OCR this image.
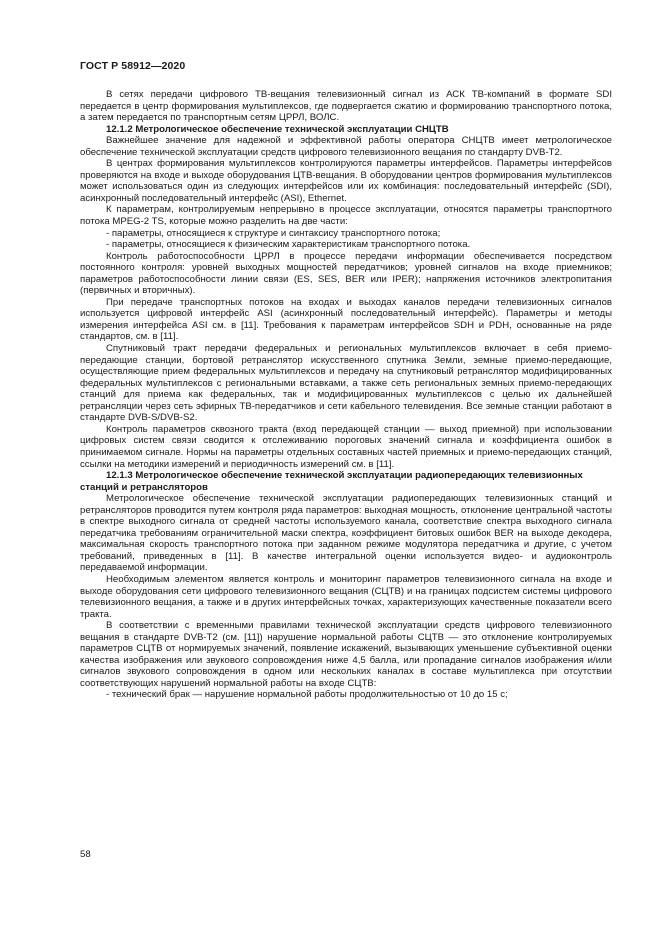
ГОСТ Р 58912—2020

В сетях передачи цифрового ТВ-вещания телевизионный сигнал из АСК ТВ-компаний в формате SDI передается в центр формирования мультиплексов, где подвергается сжатию и формированию транспортного потока, а затем передается по транспортным сетям ЦРРЛ, ВОЛС.

12.1.2 Метрологическое обеспечение технической эксплуатации СНЦТВ

Важнейшее значение для надежной и эффективной работы оператора СНЦТВ имеет метрологическое обеспечение технической эксплуатации средств цифрового телевизионного вещания по стандарту DVB-T2.

В центрах формирования мультиплексов контролируются параметры интерфейсов. Параметры интерфейсов проверяются на входе и выходе оборудования ЦТВ-вещания. В оборудовании центров формирования мультиплексов может использоваться один из следующих интерфейсов или их комбинация: последовательный интерфейс (SDI), асинхронный последовательный интерфейс (ASI), Ethernet.

К параметрам, контролируемым непрерывно в процессе эксплуатации, относятся параметры транспортного потока MPEG-2 TS, которые можно разделить на две части:

- параметры, относящиеся к структуре и синтаксису транспортного потока;

- параметры, относящиеся к физическим характеристикам транспортного потока.

Контроль работоспособности ЦРРЛ в процессе передачи информации обеспечивается посредством постоянного контроля: уровней выходных мощностей передатчиков; уровней сигналов на входе приемников; параметров работоспособности линии связи (ES, SES, BER или IPER); напряжения источников электропитания (первичных и вторичных).

При передаче транспортных потоков на входах и выходах каналов передачи телевизионных сигналов используется цифровой интерфейс ASI (асинхронный последовательный интерфейс). Параметры и методы измерения интерфейса ASI см. в [11]. Требования к параметрам интерфейсов SDH и PDH, основанные на ряде стандартов, см. в [11].

Спутниковый тракт передачи федеральных и региональных мультиплексов включает в себя приемо-передающие станции, бортовой ретранслятор искусственного спутника Земли, земные приемо-передающие, осуществляющие прием федеральных мультиплексов и передачу на спутниковый ретранслятор модифицированных федеральных мультиплексов с региональными вставками, а также сеть региональных земных приемо-передающих станций для приема как федеральных, так и модифицированных мультиплексов с целью их дальнейшей ретрансляции через сеть эфирных ТВ-передатчиков и сети кабельного телевидения. Все земные станции работают в стандарте DVB-S/DVB-S2.

Контроль параметров сквозного тракта (вход передающей станции — выход приемной) при использовании цифровых систем связи сводится к отслеживанию пороговых значений сигнала и коэффициента ошибок в принимаемом сигнале. Нормы на параметры отдельных составных частей приемных и приемо-передающих станций, ссылки на методики измерений и периодичность измерений см. в [11].

12.1.3 Метрологическое обеспечение технической эксплуатации радиопередающих телевизионных станций и ретрансляторов

Метрологическое обеспечение технической эксплуатации радиопередающих телевизионных станций и ретрансляторов проводится путем контроля ряда параметров: выходная мощность, отклонение центральной частоты в спектре выходного сигнала от средней частоты используемого канала, соответствие спектра выходного сигнала передатчика требованиям ограничительной маски спектра, коэффициент битовых ошибок BER на выходе декодера, максимальная скорость транспортного потока при заданном режиме модулятора передатчика и другие, с учетом требований, приведенных в [11]. В качестве интегральной оценки используется видео- и аудиоконтроль передаваемой информации.

Необходимым элементом является контроль и мониторинг параметров телевизионного сигнала на входе и выходе оборудования сети цифрового телевизионного вещания (СЦТВ) и на границах подсистем системы цифрового телевизионного вещания, а также и в других интерфейсных точках, характеризующих качественные показатели всего тракта.

В соответствии с временными правилами технической эксплуатации средств цифрового телевизионного вещания в стандарте DVB-T2 (см. [11]) нарушение нормальной работы СЦТВ — это отклонение контролируемых параметров СЦТВ от нормируемых значений, появление искажений, вызывающих уменьшение субъективной оценки качества изображения или звукового сопровождения ниже 4,5 балла, или пропадание сигналов изображения и/или сигналов звукового сопровождения в одном или нескольких каналах в составе мультиплекса при отсутствии соответствующих нарушений нормальной работы на входе СЦТВ:

- технический брак — нарушение нормальной работы продолжительностью от 10 до 15 с;

58
